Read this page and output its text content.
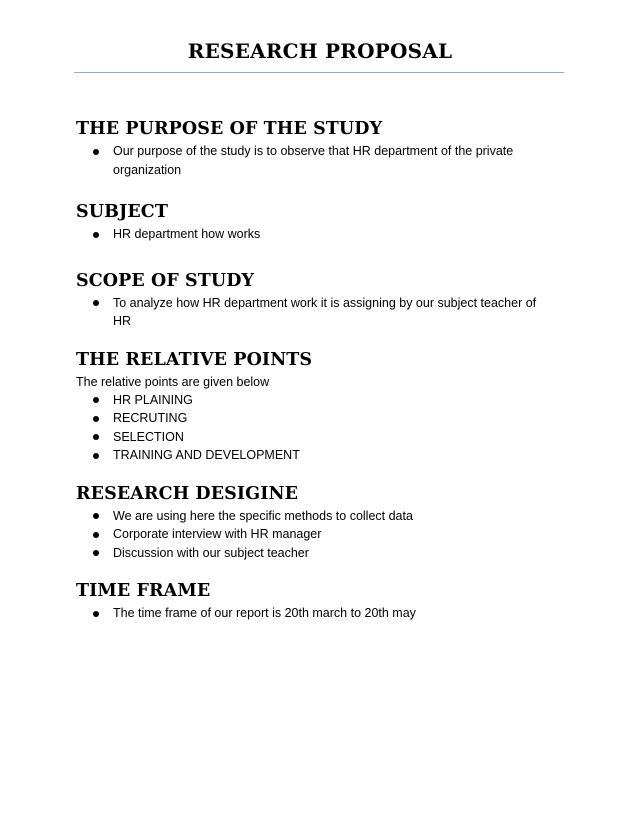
RESEARCH PROPOSAL
THE PURPOSE OF THE STUDY
Our purpose of the study is to observe that HR department of the private organization
SUBJECT
HR department how works
SCOPE OF STUDY
To analyze how HR department work it is assigning by our subject teacher of HR
THE RELATIVE POINTS

The relative points are given below

HR PLAINING
RECRUTING
SELECTION
TRAINING AND DEVELOPMENT
RESEARCH DESIGINE
We are using here the specific methods to collect data
Corporate interview with HR manager
Discussion with our subject teacher
TIME FRAME
The time frame of our report is 20th march to 20th may
